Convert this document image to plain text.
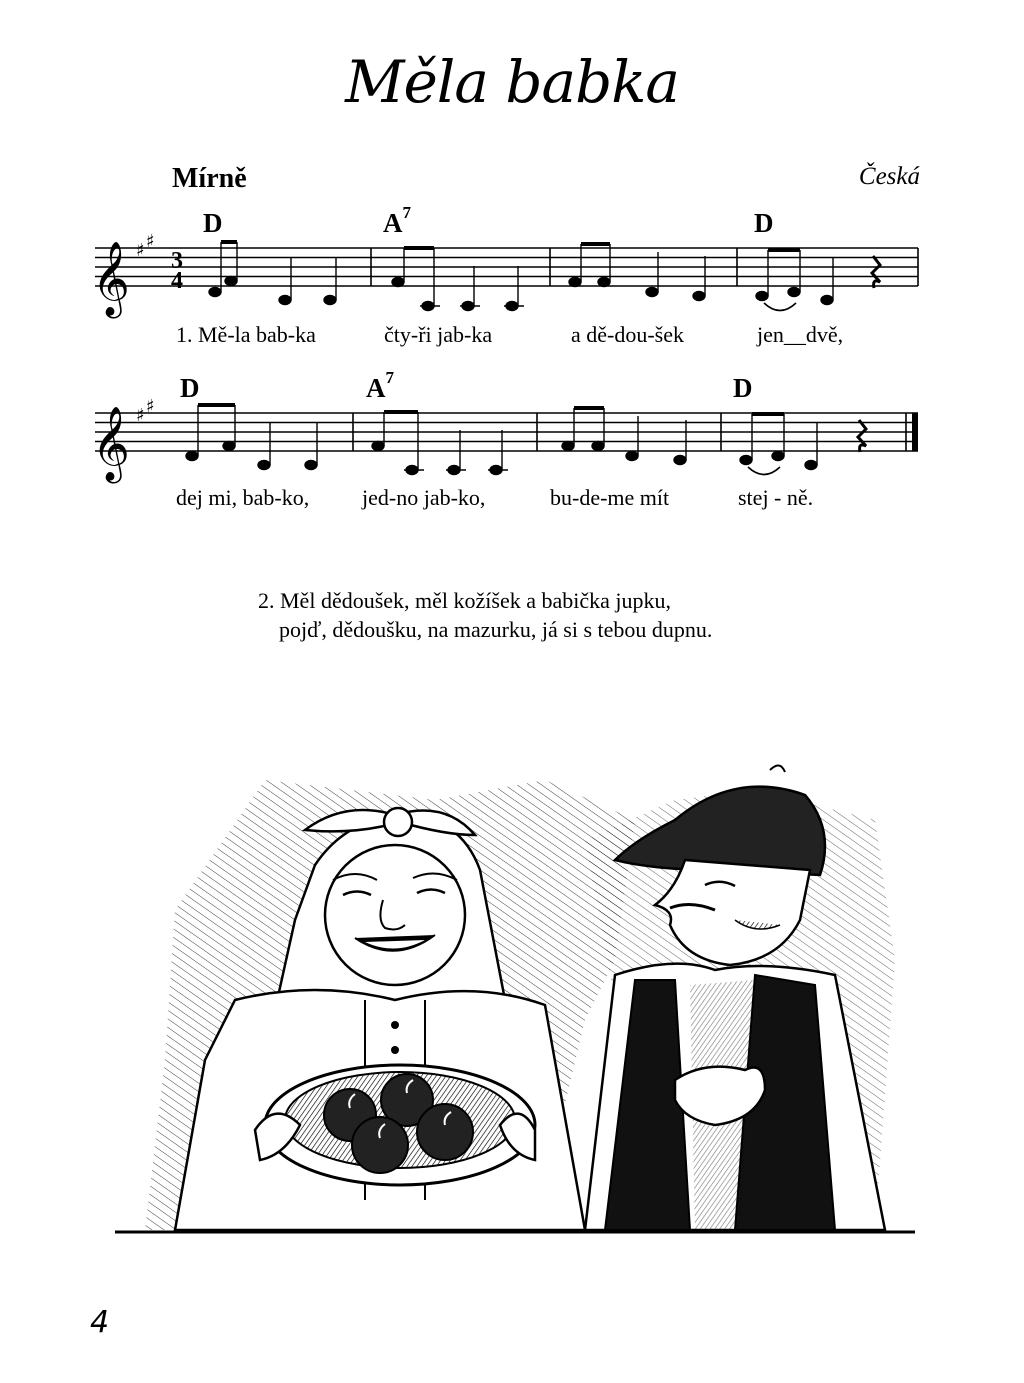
Měla babka
Mírně	Česká
D	$A^7$	D
𝄞 ♯ ♯
3
4
1. Mě-la bab-ka	čty-ři jab-ka	a dě-dou-šek	jen__dvě,
D	$A^7$	D
𝄞 ♯ ♯
dej mi, bab-ko, jed-no jab-ko,	bu-de-me mít	stej - ně.
2. Měl dědoušek, měl kožíšek a babička jupku,
pojď, dědoušku, na mazurku, já si s tebou dupnu.
4
